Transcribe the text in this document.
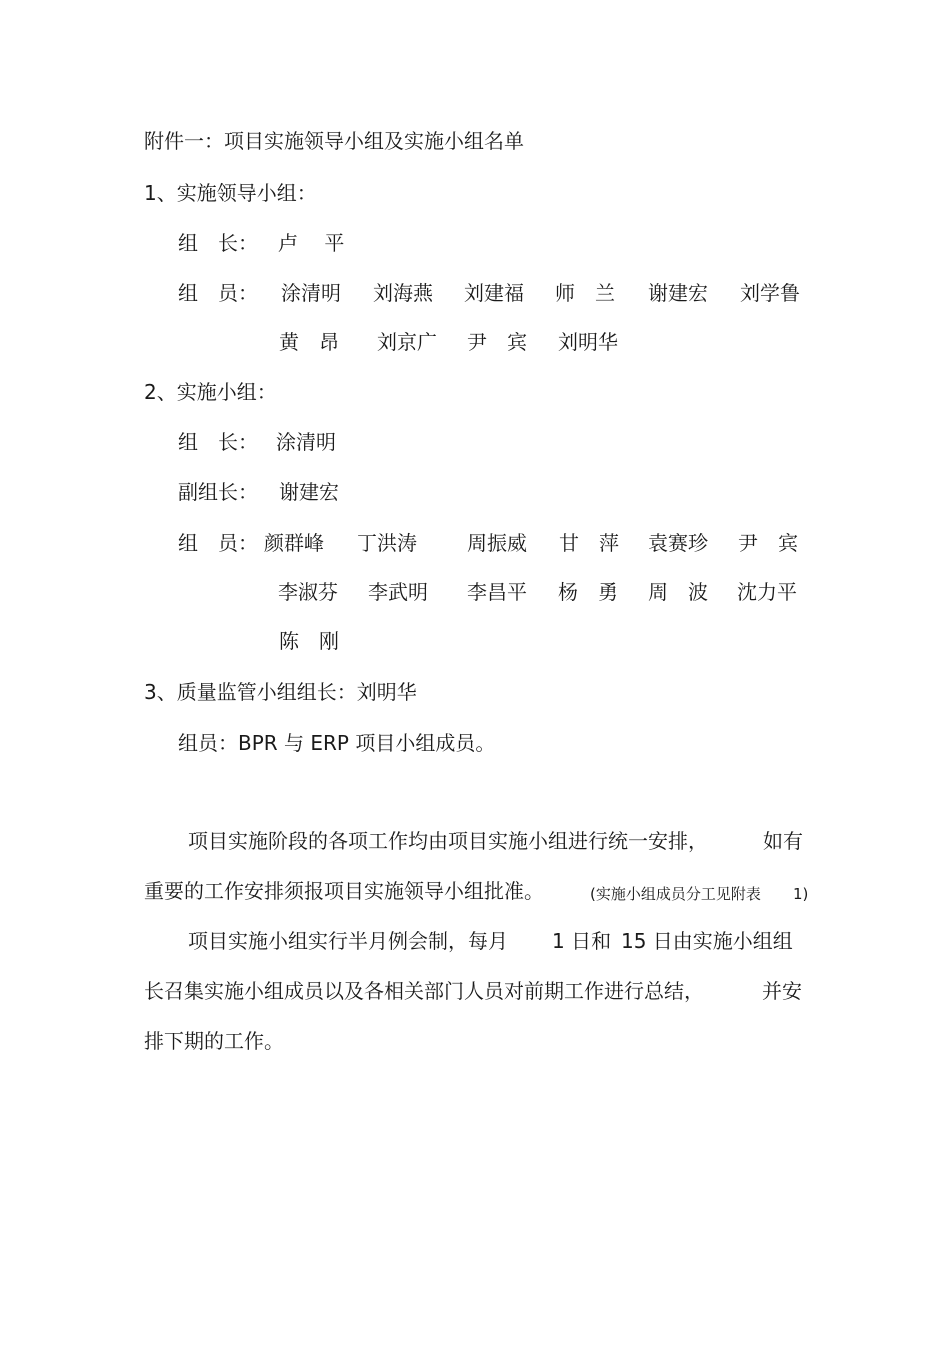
附件一：项目实施领导小组及实施小组名单
1、实施领导小组：
组　长： 卢　 平
组　员： 涂清明 刘海燕 刘建福 师　兰 谢建宏 刘学鲁
黄　昂 刘京广 尹　宾 刘明华
2、实施小组：
组　长： 涂清明
副组长： 谢建宏
组　员： 颜群峰 丁洪涛	周振威 甘　萍 袁赛珍 尹　宾
李淑芬 李武明 李昌平 杨　勇 周　波 沈力平
陈　刚
3、质量监管小组组长：刘明华
组员：BPR 与 ERP 项目小组成员。
项目实施阶段的各项工作均由项目实施小组进行统一安排，	如有
重要的工作安排须报项目实施领导小组批准。	(实施小组成员分工见附表 1)
项目实施小组实行半月例会制，每月 1 日和 15 日由实施小组组
长召集实施小组成员以及各相关部门人员对前期工作进行总结，	并安
排下期的工作。
